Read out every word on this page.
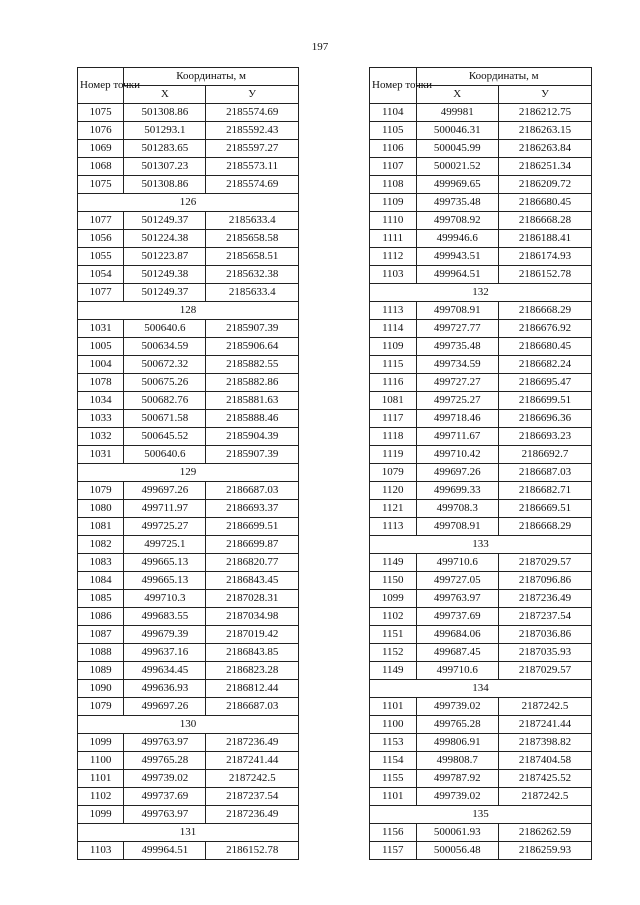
197
Номер точки	Координаты, м	
	X	У
1075	501308.86	2185574.69
1076	501293.1	2185592.43
1069	501283.65	2185597.27
1068	501307.23	2185573.11
1075	501308.86	2185574.69
126		
1077	501249.37	2185633.4
1056	501224.38	2185658.58
1055	501223.87	2185658.51
1054	501249.38	2185632.38
1077	501249.37	2185633.4
128		
1031	500640.6	2185907.39
1005	500634.59	2185906.64
1004	500672.32	2185882.55
1078	500675.26	2185882.86
1034	500682.76	2185881.63
1033	500671.58	2185888.46
1032	500645.52	2185904.39
1031	500640.6	2185907.39
129		
1079	499697.26	2186687.03
1080	499711.97	2186693.37
1081	499725.27	2186699.51
1082	499725.1	2186699.87
1083	499665.13	2186820.77
1084	499665.13	2186843.45
1085	499710.3	2187028.31
1086	499683.55	2187034.98
1087	499679.39	2187019.42
1088	499637.16	2186843.85
1089	499634.45	2186823.28
1090	499636.93	2186812.44
1079	499697.26	2186687.03
130		
1099	499763.97	2187236.49
1100	499765.28	2187241.44
1101	499739.02	2187242.5
1102	499737.69	2187237.54
1099	499763.97	2187236.49
131		
1103	499964.51	2186152.78
Номер точки	Координаты, м	
	X	У
1104	499981	2186212.75
1105	500046.31	2186263.15
1106	500045.99	2186263.84
1107	500021.52	2186251.34
1108	499969.65	2186209.72
1109	499735.48	2186680.45
1110	499708.92	2186668.28
1111	499946.6	2186188.41
1112	499943.51	2186174.93
1103	499964.51	2186152.78
132		
1113	499708.91	2186668.29
1114	499727.77	2186676.92
1109	499735.48	2186680.45
1115	499734.59	2186682.24
1116	499727.27	2186695.47
1081	499725.27	2186699.51
1117	499718.46	2186696.36
1118	499711.67	2186693.23
1119	499710.42	2186692.7
1079	499697.26	2186687.03
1120	499699.33	2186682.71
1121	499708.3	2186669.51
1113	499708.91	2186668.29
133		
1149	499710.6	2187029.57
1150	499727.05	2187096.86
1099	499763.97	2187236.49
1102	499737.69	2187237.54
1151	499684.06	2187036.86
1152	499687.45	2187035.93
1149	499710.6	2187029.57
134		
1101	499739.02	2187242.5
1100	499765.28	2187241.44
1153	499806.91	2187398.82
1154	499808.7	2187404.58
1155	499787.92	2187425.52
1101	499739.02	2187242.5
135		
1156	500061.93	2186262.59
1157	500056.48	2186259.93
